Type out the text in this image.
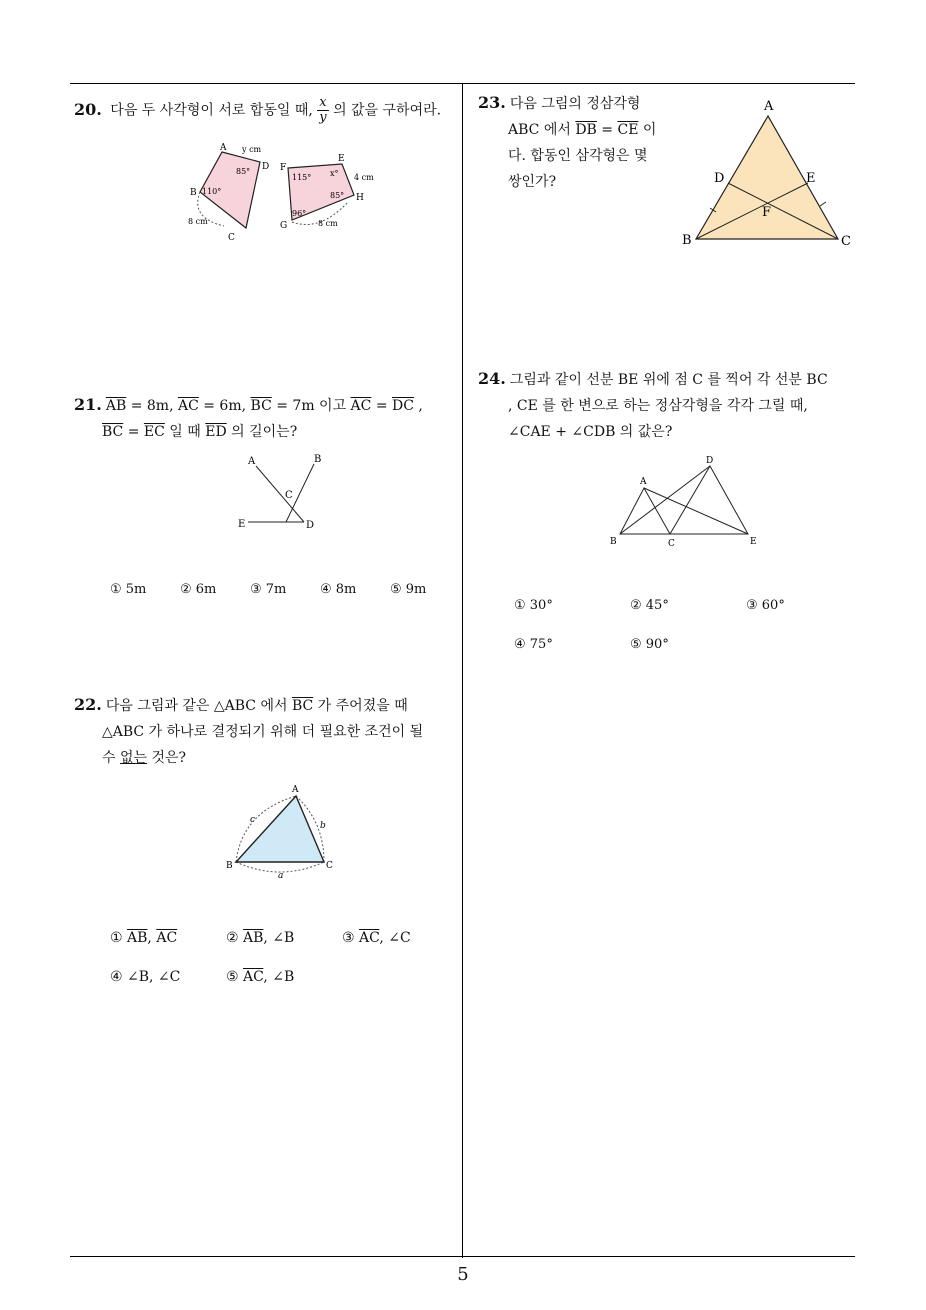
20. 다음 두 사각형이 서로 합동일 때, $\frac{x}{y}$ 의 값을 구하여라.
A
D
B
C
y cm
85°
110°
8 cm
F
E
H
G
115° x° 4 cm
85°
96°
8 cm
21. $\overline{AB} = 8m$, $\overline{AC} = 6m$, $\overline{BC} = 7m$ 이고 $\overline{AC} = \overline{DC}$ ,
$\overline{BC} = \overline{EC}$ 일 때 $\overline{ED}$ 의 길이는?
A	B
C
E	D
① 5m	② 6m	③ 7m	④ 8m	⑤ 9m
22. 다음 그림과 같은 △ABC 에서 $\overline{BC}$ 가 주어졌을 때
△ABC 가 하나로 결정되기 위해 더 필요한 조건이 될
수 없는 것은?
A
B	C
a
b
c
① $\overline{AB}$, $\overline{AC}$	② $\overline{AB}$, ∠B	③ $\overline{AC}$, ∠C
④ ∠B, ∠C	⑤ $\overline{AC}$, ∠B
23. 다음 그림의 정삼각형
ABC 에서 $\overline{DB} = \overline{CE}$ 이
다. 합동인 삼각형은 몇
쌍인가?
A
D	E
F
B	C
24. 그림과 같이 선분 BE 위에 점 C 를 찍어 각 선분 BC
, CE 를 한 변으로 하는 정삼각형을 각각 그릴 때,
∠CAE + ∠CDB 의 값은?
A
D
B	C	E
① 30°	② 45°	③ 60°
④ 75°	⑤ 90°
5
